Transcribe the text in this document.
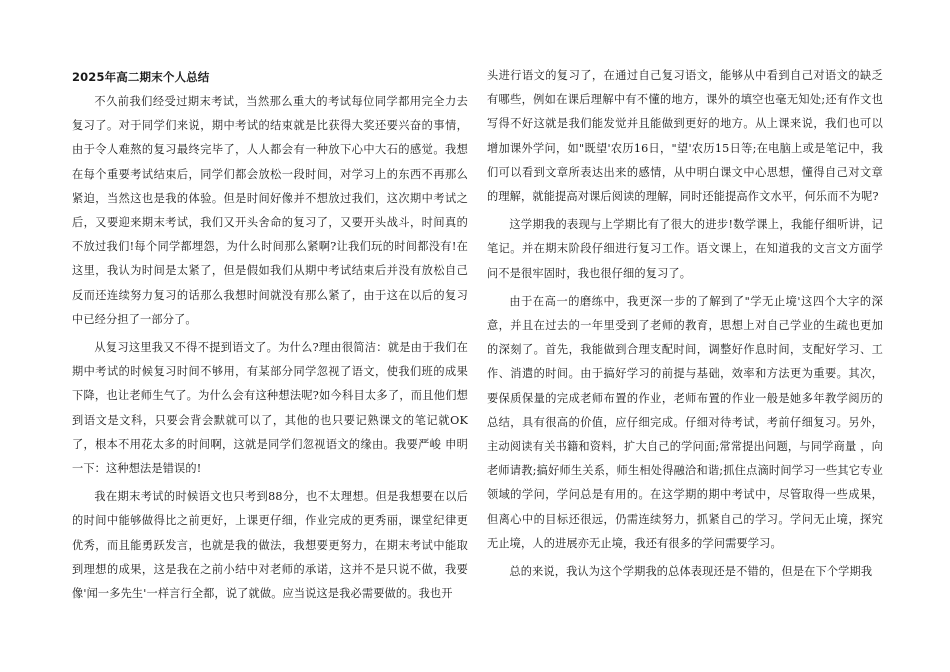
2025年高二期末个人总结

不久前我们经受过期末考试，当然那么重大的考试每位同学都用完全力去复习了。对于同学们来说，期中考试的结束就是比获得大奖还要兴奋的事情，由于令人难熬的复习最终完毕了，人人都会有一种放下心中大石的感觉。我想在每个重要考试结束后，同学们都会放松一段时间，对学习上的东西不再那么紧迫，当然这也是我的体验。但是时间好像并不想放过我们，这次期中考试之后，又要迎来期末考试，我们又开头舍命的复习了，又要开头战斗，时间真的不放过我们!每个同学都埋怨，为什么时间那么紧啊?让我们玩的时间都没有!在这里，我认为时间是太紧了，但是假如我们从期中考试结束后并没有放松自己反而还连续努力复习的话那么我想时间就没有那么紧了，由于这在以后的复习中已经分担了一部分了。

从复习这里我又不得不提到语文了。为什么?理由很简洁：就是由于我们在期中考试的时候复习时间不够用，有某部分同学忽视了语文，使我们班的成果下降，也让老师生气了。为什么会有这种想法呢?如今科目太多了，而且他们想到语文是文科，只要会背会默就可以了，其他的也只要记熟课文的笔记就OK了，根本不用花太多的时间啊，这就是同学们忽视语文的缘由。我要严峻 申明一下：这种想法是错误的!

我在期末考试的时候语文也只考到88分，也不太理想。但是我想要在以后的时间中能够做得比之前更好，上课更仔细，作业完成的更秀丽，课堂纪律更优秀，而且能勇跃发言，也就是我的做法，我想要更努力，在期末考试中能取到理想的成果，这是我在之前小结中对老师的承诺，这并不是只说不做，我要像'闻一多先生'一样言行全都，说了就做。应当说这是我必需要做的。我也开

头进行语文的复习了，在通过自己复习语文，能够从中看到自己对语文的缺乏有哪些，例如在课后理解中有不懂的地方，课外的填空也毫无知处;还有作文也写得不好这就是我们能发觉并且能做到更好的地方。从上课来说，我们也可以增加课外学问，如"既望'农历16日，"望'农历15日等;在电脑上或是笔记中，我们可以看到文章所表达出来的感情，从中明白课文中心思想，懂得自己对文章的理解，就能提高对课后阅读的理解，同时还能提高作文水平，何乐而不为呢?

这学期我的表现与上学期比有了很大的进步!数学课上，我能仔细听讲，记笔记。并在期末阶段仔细进行复习工作。语文课上，在知道我的文言文方面学问不是很牢固时，我也很仔细的复习了。

由于在高一的磨练中，我更深一步的了解到了"学无止境'这四个大字的深意，并且在过去的一年里受到了老师的教育，思想上对自己学业的生疏也更加的深刻了。首先，我能做到合理支配时间，调整好作息时间，支配好学习、工作、消遣的时间。由于搞好学习的前提与基础，效率和方法更为重要。其次，要保质保量的完成老师布置的作业，老师布置的作业一般是她多年教学阅历的总结，具有很高的价值，应仔细完成。仔细对待考试，考前仔细复习。另外，主动阅读有关书籍和资料，扩大自己的学问面;常常提出问题，与同学商量 ，向老师请教;搞好师生关系，师生相处得融洽和谐;抓住点滴时间学习一些其它专业领域的学问，学问总是有用的。在这学期的期中考试中，尽管取得一些成果，但离心中的目标还很远，仍需连续努力，抓紧自己的学习。学问无止境，探究无止境，人的进展亦无止境，我还有很多的学问需要学习。

总的来说，我认为这个学期我的总体表现还是不错的，但是在下个学期我
